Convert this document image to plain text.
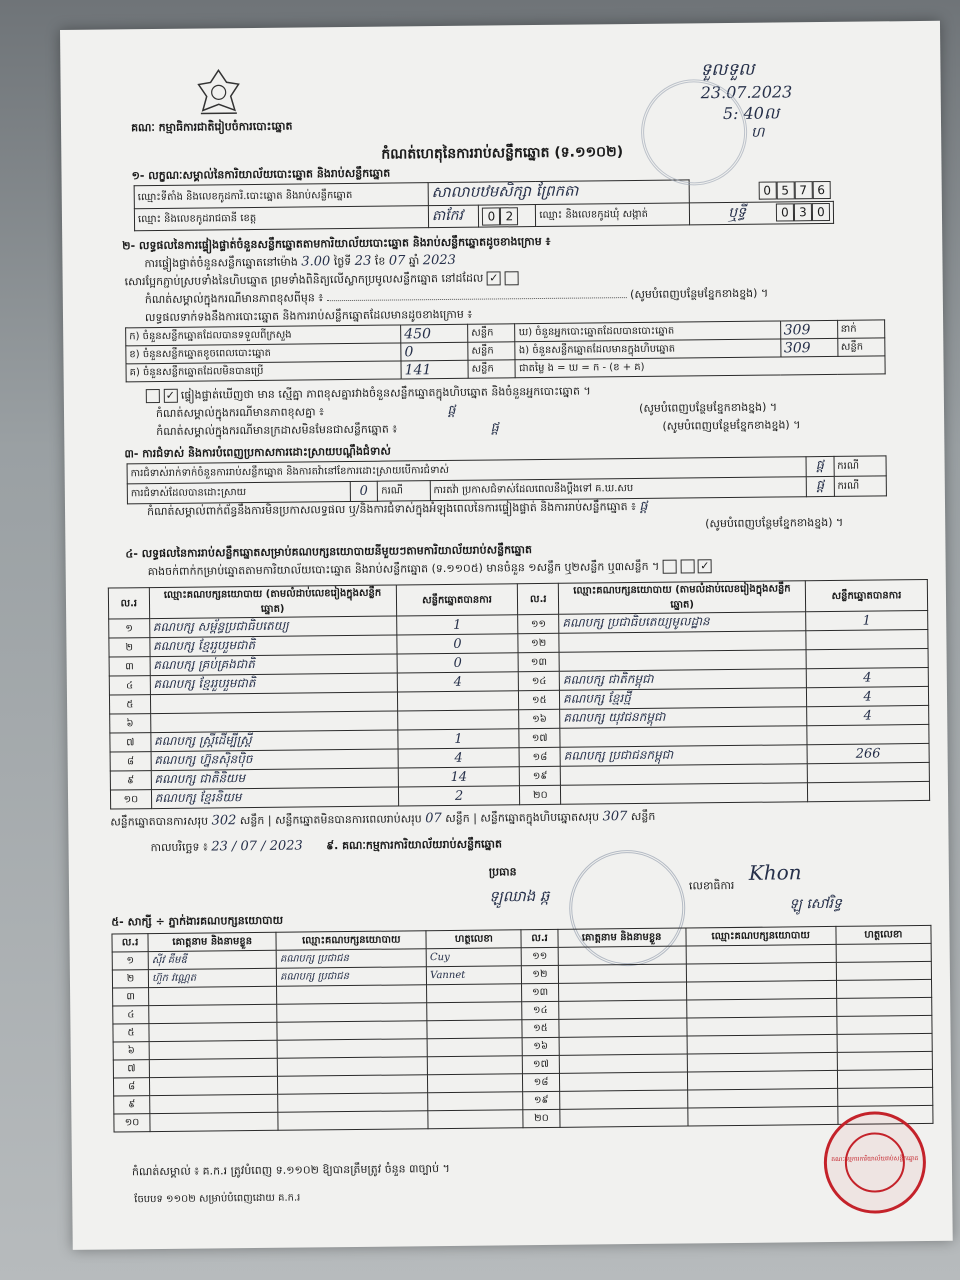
គណៈ កម្មាធិការជាតិរៀបចំការបោះឆ្នោត
ទួលទួល
23.07.2023
5: 40ល
ហ
កំណត់ហេតុនៃការរាប់សន្លឹកឆ្នោត (ទ.១១០២)
១- លក្ខណៈសម្គាល់នៃការិយាល័យបោះឆ្នោត និងរាប់សន្លឹកឆ្នោត
ឈ្មោះទីតាំង និងលេខកូដការិ.បោះឆ្នោត និងរាប់សន្លឹកឆ្នោត	សាលាបឋមសិក្សា ព្រែកតា			0 5 7 6
ឈ្មោះ និងលេខកូដរាជធានី ខេត្ត	តាកែវ	0 2	ឈ្មោះ និងលេខកូដឃុំ សង្កាត់	ឬទ្ធី 0 3 0
២- លទ្ធផលនៃការផ្ទៀងផ្ទាត់ចំនួនសន្លឹកឆ្នោតតាមការិយាល័យបោះឆ្នោត និងរាប់សន្លឹកឆ្នោតដូចខាងក្រោម ៖
ការផ្ទៀងផ្ទាត់ចំនួនសន្លឹកឆ្នោតនៅម៉ោង 3.00 ថ្ងៃទី 23 ខែ 07 ឆ្នាំ 2023
សោរប្អែកភ្ជាប់ស្របទាំងនៃហិបឆ្នោត ព្រមទាំងពិនិត្យលើស្លាកប្រមូលសន្លឹកឆ្នោត នៅដដែល ✓
កំណត់សម្គាល់ក្នុងករណីមានភាពខុសពីមុន ៖	(សូមបំពេញបន្ថែមខ្នែកខាងខ្នង) ។
លទ្ធផលទាក់ទងនឹងការបោះឆ្នោត និងការរាប់សន្លឹកឆ្នោតដែលមានដូចខាងក្រោម ៖
ក) ចំនួនសន្លឹកឆ្នោតដែលបានទទួលពីក្រសួង	450	សន្លឹក	ឃ) ចំនួនអ្នកបោះឆ្នោតដែលបានបោះឆ្នោត	309	នាក់
ខ) ចំនួនសន្លឹកឆ្នោតខូចពេលបោះឆ្នោត	0	សន្លឹក	ង) ចំនួនសន្លឹកឆ្នោតដែលមានក្នុងហិបឆ្នោត	309	សន្លឹក
គ) ចំនួនសន្លឹកឆ្នោតដែលមិនបានប្រើ	141	សន្លឹក	ជាតម្លៃ ង = ឃ = ក - (ខ + គ)		
✓ ផ្ទៀងផ្ទាត់ឃើញថា មាន ស្មើគ្នា ភាពខុសគ្នារវាងចំនួនសន្លឹកឆ្នោតក្នុងហិបឆ្នោត និងចំនួនអ្នកបោះឆ្នោត ។
កំណត់សម្គាល់ក្នុងករណីមានភាពខុសគ្នា ៖	ផ្ដ	(សូមបំពេញបន្ថែមខ្នែកខាងខ្នង) ។
កំណត់សម្គាល់ក្នុងករណីមានក្រដាសមិនមែនជាសន្លឹកឆ្នោត ៖	ផ្ដ	(សូមបំពេញបន្ថែមខ្នែកខាងខ្នង) ។
៣- ការជំទាស់ និងការបំពេញប្រកាសការដោះស្រាយបណ្តឹងជំទាស់
ការជំទាស់រាក់ទាក់ចំនួនការរាប់សន្លឹកឆ្នោត និងការតវ៉ានៅខែការដោះស្រាយបើការជំទាស់				ផ្ដ	ករណី
ការជំទាស់ដែលបានដោះស្រាយ	0	ករណី	ការតវ៉ា ប្រកាសជំទាស់ដែលពេលនឹងប្ដឹងទៅ គ.ឃ.សប	ផ្ដ	ករណី
កំណត់សម្គាល់ពាក់ព័ន្ធនឹងការមិនប្រកាសលទ្ធផល ឬ/និងការជំទាស់ក្នុងអំឡុងពេលនៃការផ្ទៀងផ្ទាត់ និងការរាប់សន្លឹកឆ្នោត ៖ ផ្ដ
(សូមបំពេញបន្ថែមខ្នែកខាងខ្នង) ។
៤- លទ្ធផលនៃការរាប់សន្លឹកឆ្នោតសម្រាប់គណបក្សនយោបាយនីមួយៗតាមការិយាល័យរាប់សន្លឹកឆ្នោត
គាងចក់ពាក់កម្រាប់ឆ្នោតតាមការិយាល័យបោះឆ្នោត និងរាប់សន្លឹកឆ្នោត (ទ.១១០៥) មានចំនួន ១សន្លឹក ឬ២សន្លឹក ឬ៣សន្លឹក ។	✓
ល.រ	ឈ្មោះគណបក្សនយោបាយ (តាមលំដាប់លេខរៀងក្នុងសន្លឹកឆ្នោត)	សន្លឹកឆ្នោតបានការ	ល.រ	ឈ្មោះគណបក្សនយោបាយ (តាមលំដាប់លេខរៀងក្នុងសន្លឹកឆ្នោត)	សន្លឹកឆ្នោតបានការ
១	គណបក្ស សម្ព័ន្ធប្រជាធិបតេយ្យ	1	១១	គណបក្ស ប្រជាធិបតេយ្យមូលដ្ឋាន	1
២	គណបក្ស ខ្មែររួបរួមជាតិ	0	១២		
៣	គណបក្ស គ្រប់គ្រងជាតិ	0	១៣		
៤	គណបក្ស ខ្មែររួបរួមជាតិ	4	១៤	គណបក្ស ជាតិកម្ពុជា	4
៥			១៥	គណបក្ស ខ្មែរថ្មី	4
៦			១៦	គណបក្ស យុវជនកម្ពុជា	4
៧	គណបក្ស ស្ត្រីដើម្បីស្ត្រី	1	១៧		
៨	គណបក្ស ហ្វ៊ុនស៊ិនប៉ិច	4	១៨	គណបក្ស ប្រជាជនកម្ពុជា	266
៩	គណបក្ស ជាតិនិយម	14	១៩		
១០	គណបក្ស ខ្មែរនិយម	2	២០		
សន្លឹកឆ្នោតបានការសរុប 302 សន្លឹក | សន្លឹកឆ្នោតមិនបានការពេលរាប់សរុប 07 សន្លឹក | សន្លឹកឆ្នោតក្នុងហិបឆ្នោតសរុប 307 សន្លឹក
កាលបរិច្ឆេទ ៖ 23 / 07 / 2023 ៩. គណៈកម្មការការិយាល័យរាប់សន្លឹកឆ្នោត
ប្រធាន
ឡូឈាង ឆ្ក
លេខាធិការ
Khon
ឡូ សៅរិទ្ធ
៥- សាក្សី ÷ ភ្នាក់ងារគណបក្សនយោបាយ
ល.រ	គោត្តនាម និងនាមខ្លួន	ឈ្មោះគណបក្សនយោបាយ	ហត្ថលេខា	ល.រ	គោត្តនាម និងនាមខ្លួន	ឈ្មោះគណបក្សនយោបាយ	ហត្ថលេខា
១	ស៊ីវ គឹមឌី	គណបក្ស ប្រជាជន	Cuy	១១			
២	ហ៊ួក វណ្ណេត	គណបក្ស ប្រជាជន	Vannet	១២			
៣				១៣			
៤				១៤			
៥				១៥			
៦				១៦			
៧				១៧			
៨				១៨			
៩				១៩			
១០				២០			
កំណត់សម្គាល់ ៖ គ.ក.រ ត្រូវបំពេញ ទ.១១០២ ឱ្យបានត្រឹមត្រូវ ចំនួន ៣ច្បាប់ ។
ចែបបទ ១១០២ សម្រាប់បំពេញដោយ គ.ក.រ
គណៈកម្មការការិយាល័យរាប់សន្លឹកឆ្នោត
